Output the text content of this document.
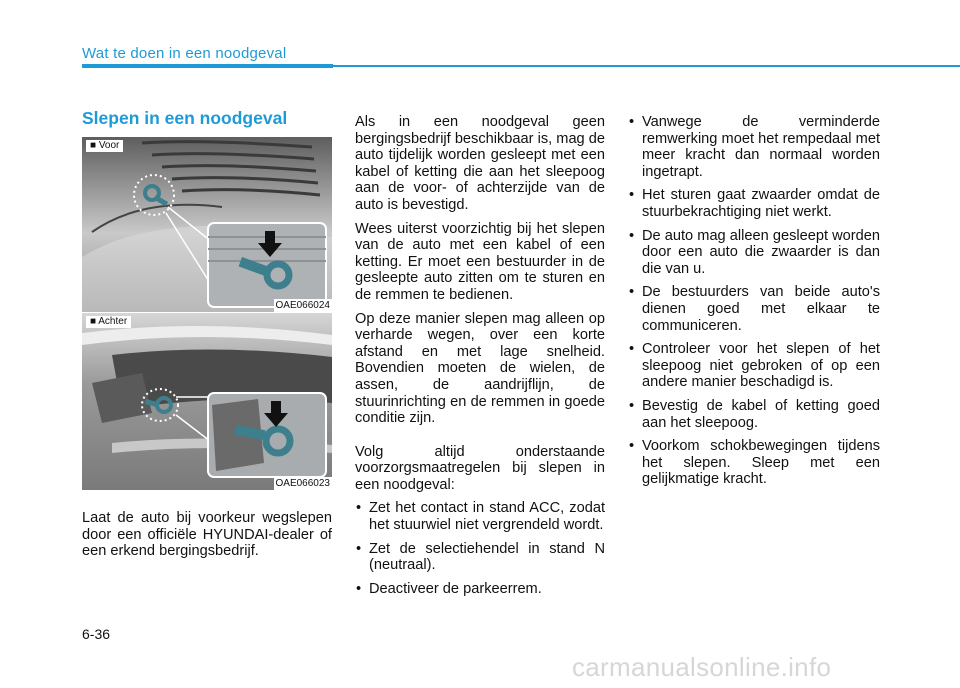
Wat te doen in een noodgeval
Slepen in een noodgeval
■ Voor
OAE066024
■ Achter
OAE066023

Laat de auto bij voorkeur wegslepen door een officiële HYUNDAI-dealer of een erkend bergingsbedrijf.

Als in een noodgeval geen bergingsbedrijf beschikbaar is, mag de auto tijdelijk worden gesleept met een kabel of ketting die aan het sleepoog aan de voor- of achterzijde van de auto is bevestigd.

Wees uiterst voorzichtig bij het slepen van de auto met een kabel of een ketting. Er moet een bestuurder in de gesleepte auto zitten om te sturen en de remmen te bedienen.

Op deze manier slepen mag alleen op verharde wegen, over een korte afstand en met lage snelheid. Bovendien moeten de wielen, de assen, de aandrijflijn, de stuurinrichting en de remmen in goede conditie zijn.

Volg altijd onderstaande voorzorgsmaatregelen bij slepen in een noodgeval:

• Zet het contact in stand ACC, zodat het stuurwiel niet vergrendeld wordt.
• Zet de selectiehendel in stand N (neutraal).
• Deactiveer de parkeerrem.
• Vanwege de verminderde remwerking moet het rempedaal met meer kracht dan normaal worden ingetrapt.
• Het sturen gaat zwaarder omdat de stuurbekrachtiging niet werkt.
• De auto mag alleen gesleept worden door een auto die zwaarder is dan die van u.
• De bestuurders van beide auto's dienen goed met elkaar te communiceren.
• Controleer voor het slepen of het sleepoog niet gebroken of op een andere manier beschadigd is.
• Bevestig de kabel of ketting goed aan het sleepoog.
• Voorkom schokbewegingen tijdens het slepen. Sleep met een gelijkmatige kracht.
6-36
carmanualsonline.info
